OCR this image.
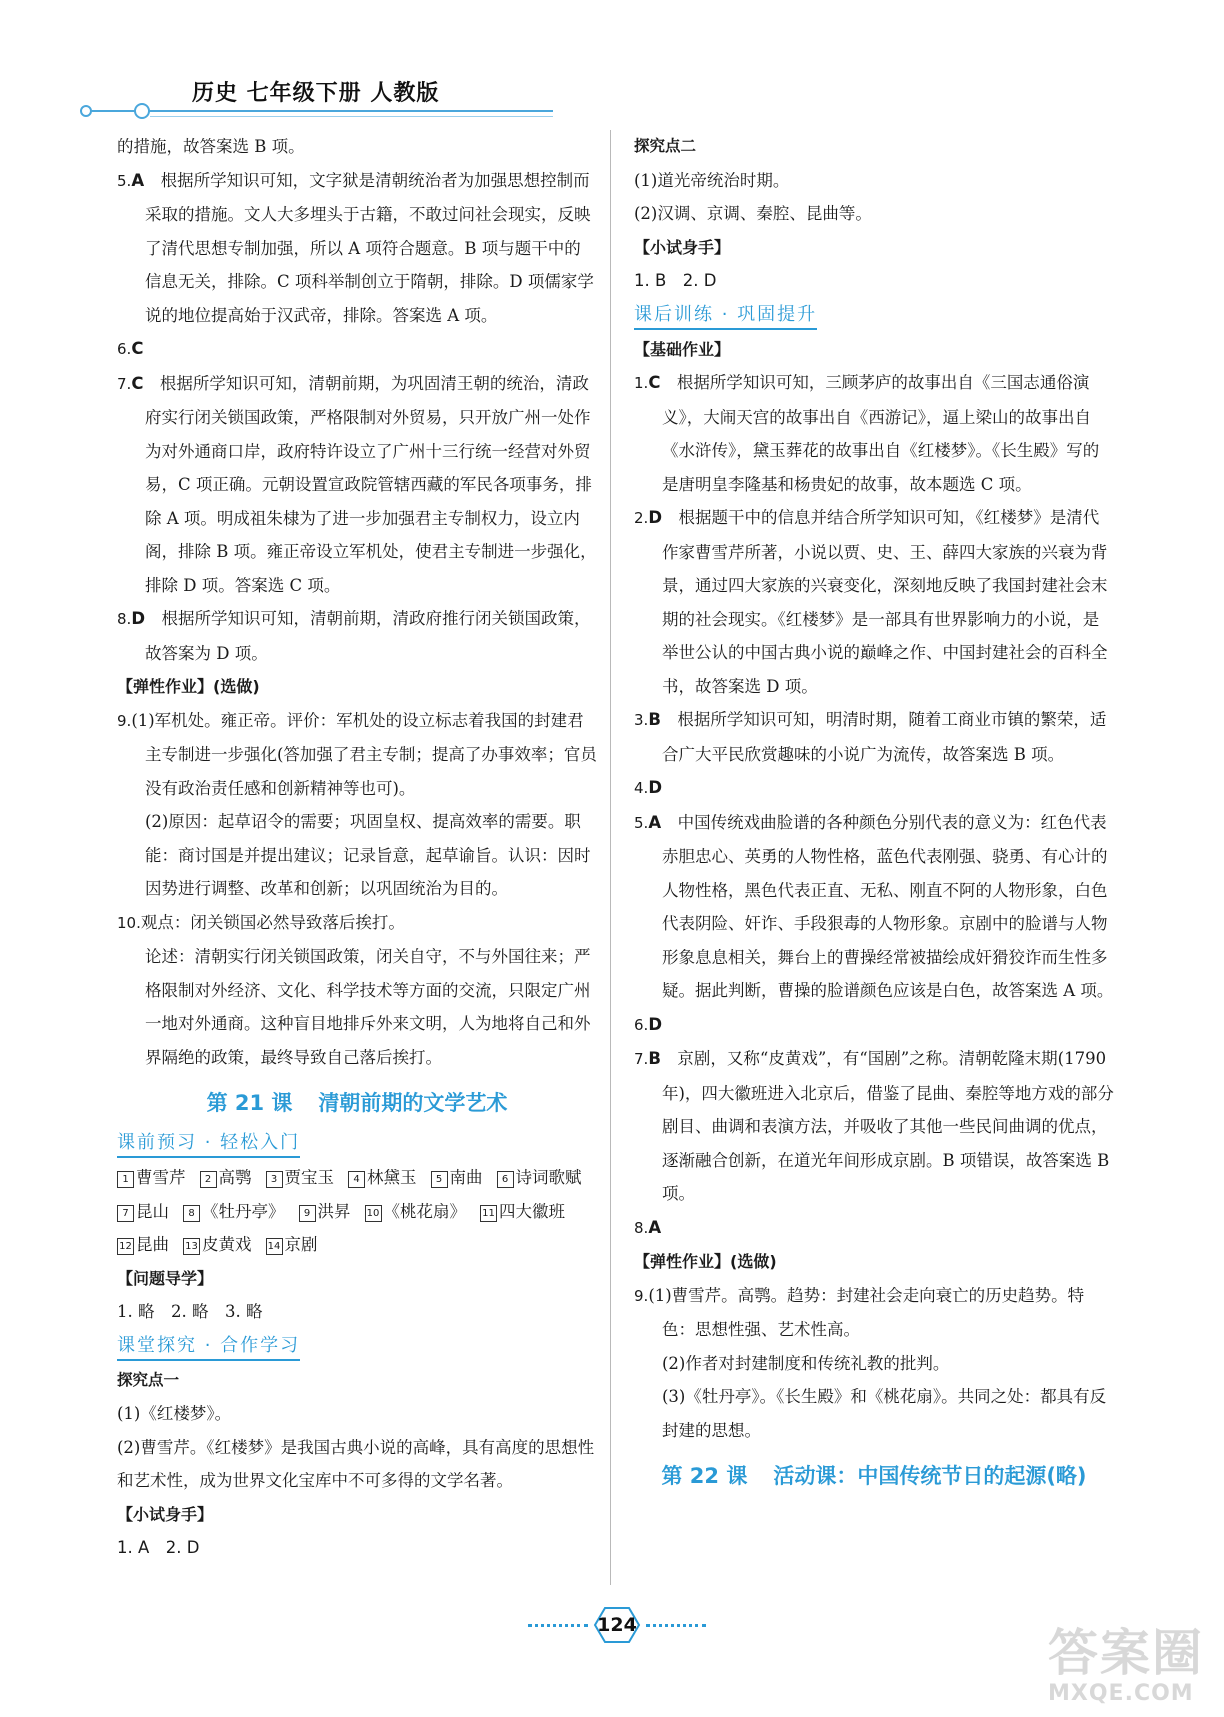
历史 七年级下册 人教版

的措施，故答案选 B 项。

5.A　 根据所学知识可知，文字狱是清朝统治者为加强思想控制而采取的措施。文人大多埋头于古籍，不敢过问社会现实，反映了清代思想专制加强，所以 A 项符合题意。B 项与题干中的信息无关，排除。C 项科举制创立于隋朝，排除。D 项儒家学说的地位提高始于汉武帝，排除。答案选 A 项。

6.C

7.C　 根据所学知识可知，清朝前期，为巩固清王朝的统治，清政府实行闭关锁国政策，严格限制对外贸易，只开放广州一处作为对外通商口岸，政府特许设立了广州十三行统一经营对外贸易，C 项正确。元朝设置宣政院管辖西藏的军民各项事务，排除 A 项。明成祖朱棣为了进一步加强君主专制权力，设立内阁，排除 B 项。雍正帝设立军机处，使君主专制进一步强化，排除 D 项。答案选 C 项。

8.D　 根据所学知识可知，清朝前期，清政府推行闭关锁国政策，故答案为 D 项。

【弹性作业】(选做)

9.(1)军机处。雍正帝。评价：军机处的设立标志着我国的封建君主专制进一步强化(答加强了君主专制；提高了办事效率；官员没有政治责任感和创新精神等也可)。

(2)原因：起草诏令的需要；巩固皇权、提高效率的需要。职能：商讨国是并提出建议；记录旨意，起草谕旨。认识：因时因势进行调整、改革和创新；以巩固统治为目的。

10.观点：闭关锁国必然导致落后挨打。

论述：清朝实行闭关锁国政策，闭关自守，不与外国往来；严格限制对外经济、文化、科学技术等方面的交流，只限定广州一地对外通商。这种盲目地排斥外来文明，人为地将自己和外界隔绝的政策，最终导致自己落后挨打。

第 21 课 清朝前期的文学艺术

课前预习 · 轻松入门

1 曹雪芹 2 高鹗 3 贾宝玉 4 林黛玉 5 南曲 6 诗词歌赋7 昆山 8 《牡丹亭》 9 洪昇 10 《桃花扇》 11 四大徽班12 昆曲 13 皮黄戏 14 京剧

【问题导学】

1. 略　2. 略　3. 略

课堂探究 · 合作学习

探究点一

(1)《红楼梦》。

(2)曹雪芹。《红楼梦》是我国古典小说的高峰，具有高度的思想性和艺术性，成为世界文化宝库中不可多得的文学名著。

【小试身手】

1. A　2. D

探究点二

(1)道光帝统治时期。

(2)汉调、京调、秦腔、昆曲等。

【小试身手】

1. B　2. D

课后训练 · 巩固提升

【基础作业】

1.C　 根据所学知识可知，三顾茅庐的故事出自《三国志通俗演义》，大闹天宫的故事出自《西游记》，逼上梁山的故事出自《水浒传》，黛玉葬花的故事出自《红楼梦》。《长生殿》写的是唐明皇李隆基和杨贵妃的故事，故本题选 C 项。

2.D　 根据题干中的信息并结合所学知识可知，《红楼梦》是清代作家曹雪芹所著，小说以贾、史、王、薛四大家族的兴衰为背景，通过四大家族的兴衰变化，深刻地反映了我国封建社会末期的社会现实。《红楼梦》是一部具有世界影响力的小说，是举世公认的中国古典小说的巅峰之作、中国封建社会的百科全书，故答案选 D 项。

3.B　 根据所学知识可知，明清时期，随着工商业市镇的繁荣，适合广大平民欣赏趣味的小说广为流传，故答案选 B 项。

4.D

5.A　 中国传统戏曲脸谱的各种颜色分别代表的意义为：红色代表赤胆忠心、英勇的人物性格，蓝色代表刚强、骁勇、有心计的人物性格，黑色代表正直、无私、刚直不阿的人物形象，白色代表阴险、奸诈、手段狠毒的人物形象。京剧中的脸谱与人物形象息息相关，舞台上的曹操经常被描绘成奸猾狡诈而生性多疑。据此判断，曹操的脸谱颜色应该是白色，故答案选 A 项。

6.D

7.B　 京剧，又称“皮黄戏”，有“国剧”之称。清朝乾隆末期(1790 年)，四大徽班进入北京后，借鉴了昆曲、秦腔等地方戏的部分剧目、曲调和表演方法，并吸收了其他一些民间曲调的优点，逐渐融合创新，在道光年间形成京剧。B 项错误，故答案选 B 项。

8.A

【弹性作业】(选做)

9.(1)曹雪芹。高鹗。趋势：封建社会走向衰亡的历史趋势。特色：思想性强、艺术性高。

(2)作者对封建制度和传统礼教的批判。

(3)《牡丹亭》。《长生殿》和《桃花扇》。共同之处：都具有反封建的思想。

第 22 课 活动课：中国传统节日的起源(略)

124	答案圈
MXQE.COM
